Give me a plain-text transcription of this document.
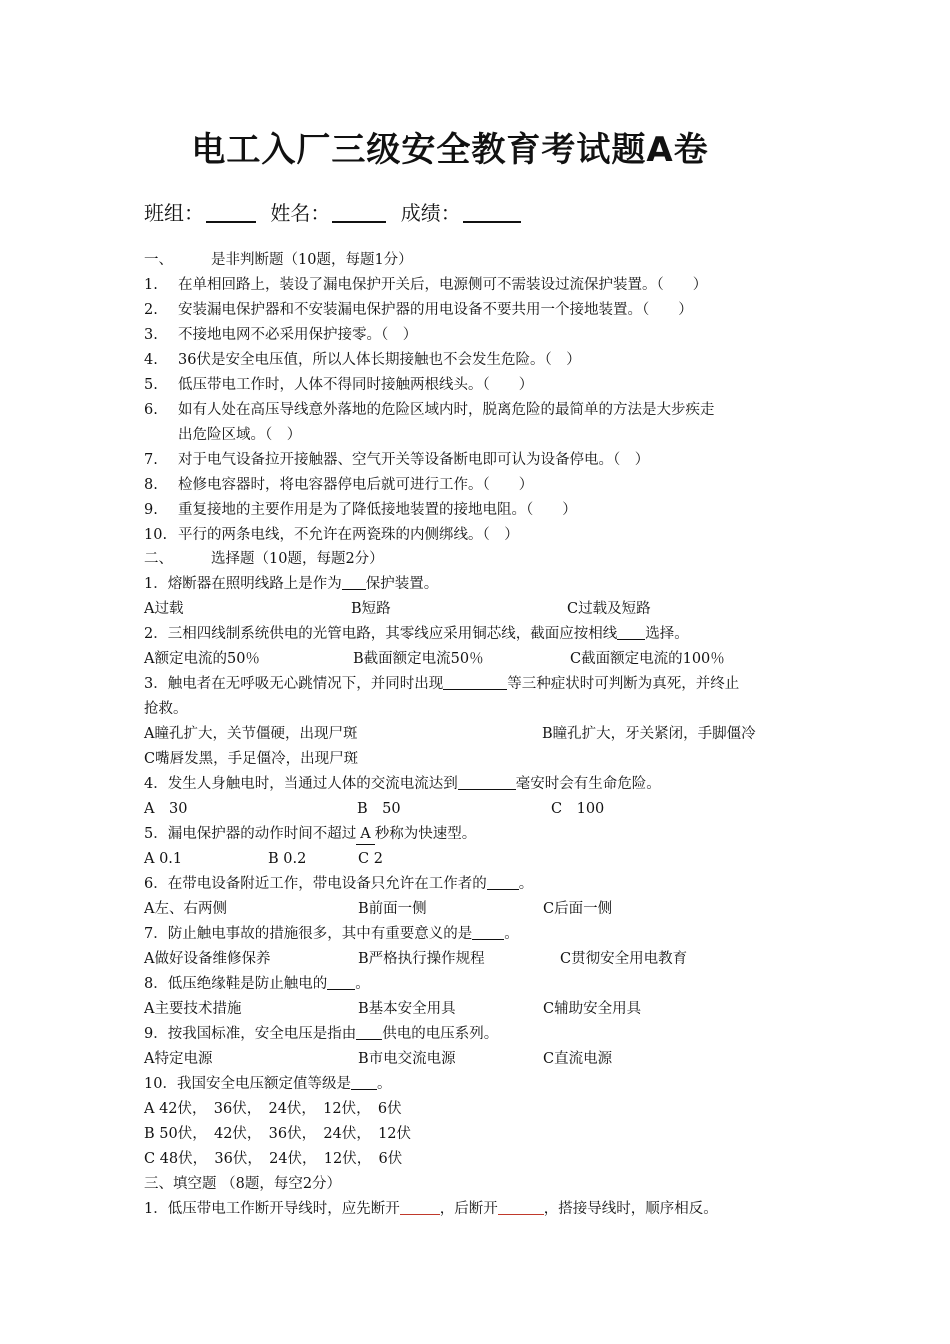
电工入厂三级安全教育考试题A卷
班组：	姓名：	成绩：
一、	是非判断题（10题，每题1分）
1. 在单相回路上，装设了漏电保护开关后，电源侧可不需装设过流保护装置。（　　）
2. 安装漏电保护器和不安装漏电保护器的用电设备不要共用一个接地装置。（　　）
3. 不接地电网不必采用保护接零。（　）
4. 36伏是安全电压值，所以人体长期接触也不会发生危险。（　）
5. 低压带电工作时，人体不得同时接触两根线头。（　　）
6. 如有人处在高压导线意外落地的危险区域内时，脱离危险的最简单的方法是大步疾走
出危险区域。（　）
7. 对于电气设备拉开接触器、空气开关等设备断电即可认为设备停电。（　）
8. 检修电容器时，将电容器停电后就可进行工作。（　　）
9. 重复接地的主要作用是为了降低接地装置的接地电阻。（　　）
10. 平行的两条电线，不允许在两瓷珠的内侧绑线。（　）
二、	选择题（10题，每题2分）
1．熔断器在照明线路上是作为 保护装置。
A过载	B短路	C过载及短路
2．三相四线制系统供电的光管电路，其零线应采用铜芯线，截面应按相线 选择。
A额定电流的50％	B截面额定电流50％	C截面额定电流的100％
3．触电者在无呼吸无心跳情况下，并同时出现	等三种症状时可判断为真死，并终止
抢救。
A瞳孔扩大，关节僵硬，出现尸斑	B瞳孔扩大，牙关紧闭，手脚僵冷
C嘴唇发黑，手足僵冷，出现尸斑
4．发生人身触电时，当通过人体的交流电流达到	毫安时会有生命危险。
A　30	B　50	C　100
5．漏电保护器的动作时间不超过 A 秒称为快速型。
A 0.1	B 0.2	C 2
6．在带电设备附近工作，带电设备只允许在工作者的 。
A左、右两侧	B前面一侧	C后面一侧
7．防止触电事故的措施很多，其中有重要意义的是 。
A做好设备维修保养	B严格执行操作规程	C贯彻安全用电教育
8．低压绝缘鞋是防止触电的 。
A主要技术措施	B基本安全用具	C辅助安全用具
9．按我国标准，安全电压是指由 供电的电压系列。
A特定电源	B市电交流电源	C直流电源
10．我国安全电压额定值等级是 。
A 42伏，　36伏，　24伏，　12伏，　6伏
B 50伏，　42伏，　36伏，　24伏，　12伏
C 48伏，　36伏，　24伏，　12伏，　6伏
三、填空题 （8题，每空2分）
1．低压带电工作断开导线时，应先断开	，后断开	，搭接导线时，顺序相反。
